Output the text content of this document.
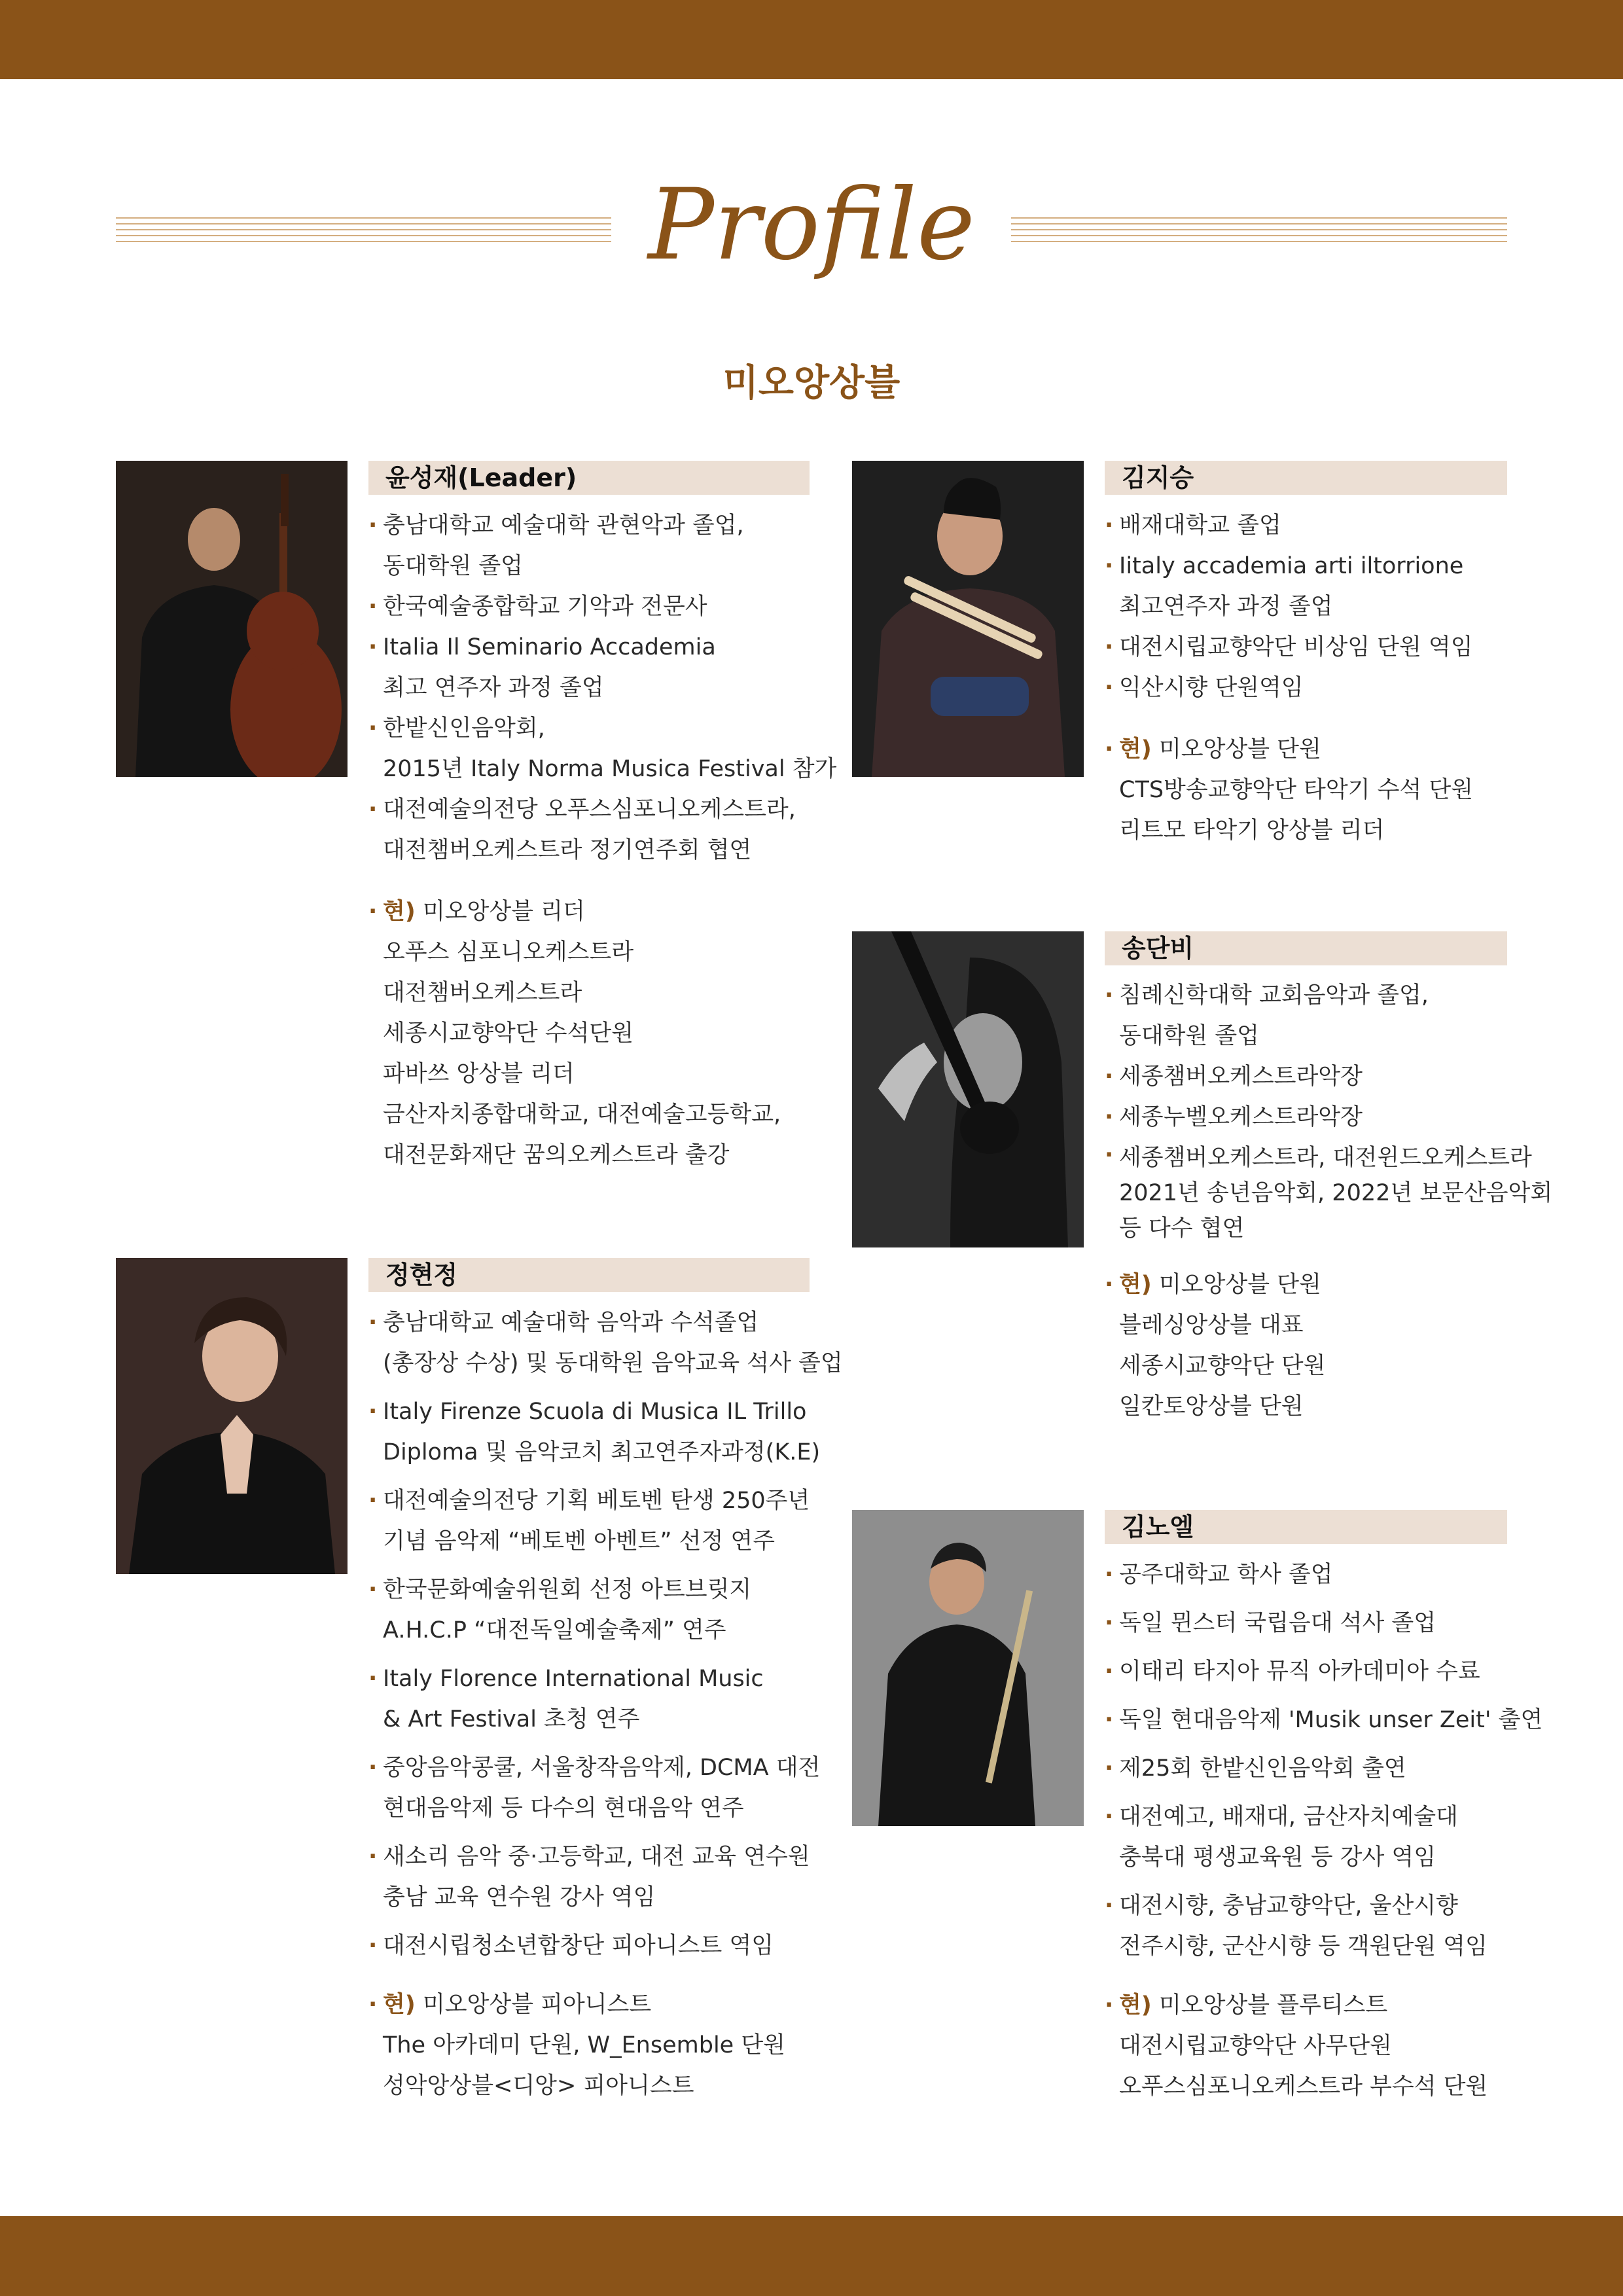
Profile
미오앙상블
윤성재(Leader)	김지승
송단비
정현정
김노엘
· 충남대학교 예술대학 관현악과 졸업,
동대학원 졸업
· 한국예술종합학교 기악과 전문사
· Italia Il Seminario Accademia
최고 연주자 과정 졸업
· 한밭신인음악회,
2015년 Italy Norma Musica Festival 참가
· 대전예술의전당 오푸스심포니오케스트라,
대전챔버오케스트라 정기연주회 협연
· 현) 미오앙상블 리더
오푸스 심포니오케스트라
대전챔버오케스트라
세종시교향악단 수석단원
파바쓰 앙상블 리더
금산자치종합대학교, 대전예술고등학교,
대전문화재단 꿈의오케스트라 출강
· 배재대학교 졸업
· Iitaly accademia arti iltorrione
최고연주자 과정 졸업
· 대전시립교향악단 비상임 단원 역임
· 익산시향 단원역임
· 현) 미오앙상블 단원
CTS방송교향악단 타악기 수석 단원
리트모 타악기 앙상블 리더
· 침례신학대학 교회음악과 졸업,
동대학원 졸업
· 세종챔버오케스트라악장
· 세종누벨오케스트라악장
· 세종챔버오케스트라, 대전윈드오케스트라
2021년 송년음악회, 2022년 보문산음악회
등 다수 협연
· 현) 미오앙상블 단원
블레싱앙상블 대표
세종시교향악단 단원
일칸토앙상블 단원
· 충남대학교 예술대학 음악과 수석졸업
(총장상 수상) 및 동대학원 음악교육 석사 졸업
· Italy Firenze Scuola di Musica IL Trillo
Diploma 및 음악코치 최고연주자과정(K.E)
· 대전예술의전당 기획 베토벤 탄생 250주년
기념 음악제 “베토벤 아벤트” 선정 연주
· 한국문화예술위원회 선정 아트브릿지
A.H.C.P “대전독일예술축제” 연주
· Italy Florence International Music
& Art Festival 초청 연주
· 중앙음악콩쿨, 서울창작음악제, DCMA 대전
현대음악제 등 다수의 현대음악 연주
· 새소리 음악 중·고등학교, 대전 교육 연수원
충남 교육 연수원 강사 역임
· 대전시립청소년합창단 피아니스트 역임
· 현) 미오앙상블 피아니스트
The 아카데미 단원, W_Ensemble 단원
성악앙상블<디앙> 피아니스트
· 공주대학교 학사 졸업
· 독일 뮌스터 국립음대 석사 졸업
· 이태리 타지아 뮤직 아카데미아 수료
· 독일 현대음악제 'Musik unser Zeit' 출연
· 제25회 한밭신인음악회 출연
· 대전예고, 배재대, 금산자치예술대
충북대 평생교육원 등 강사 역임
· 대전시향, 충남교향악단, 울산시향
전주시향, 군산시향 등 객원단원 역임
· 현) 미오앙상블 플루티스트
대전시립교향악단 사무단원
오푸스심포니오케스트라 부수석 단원
